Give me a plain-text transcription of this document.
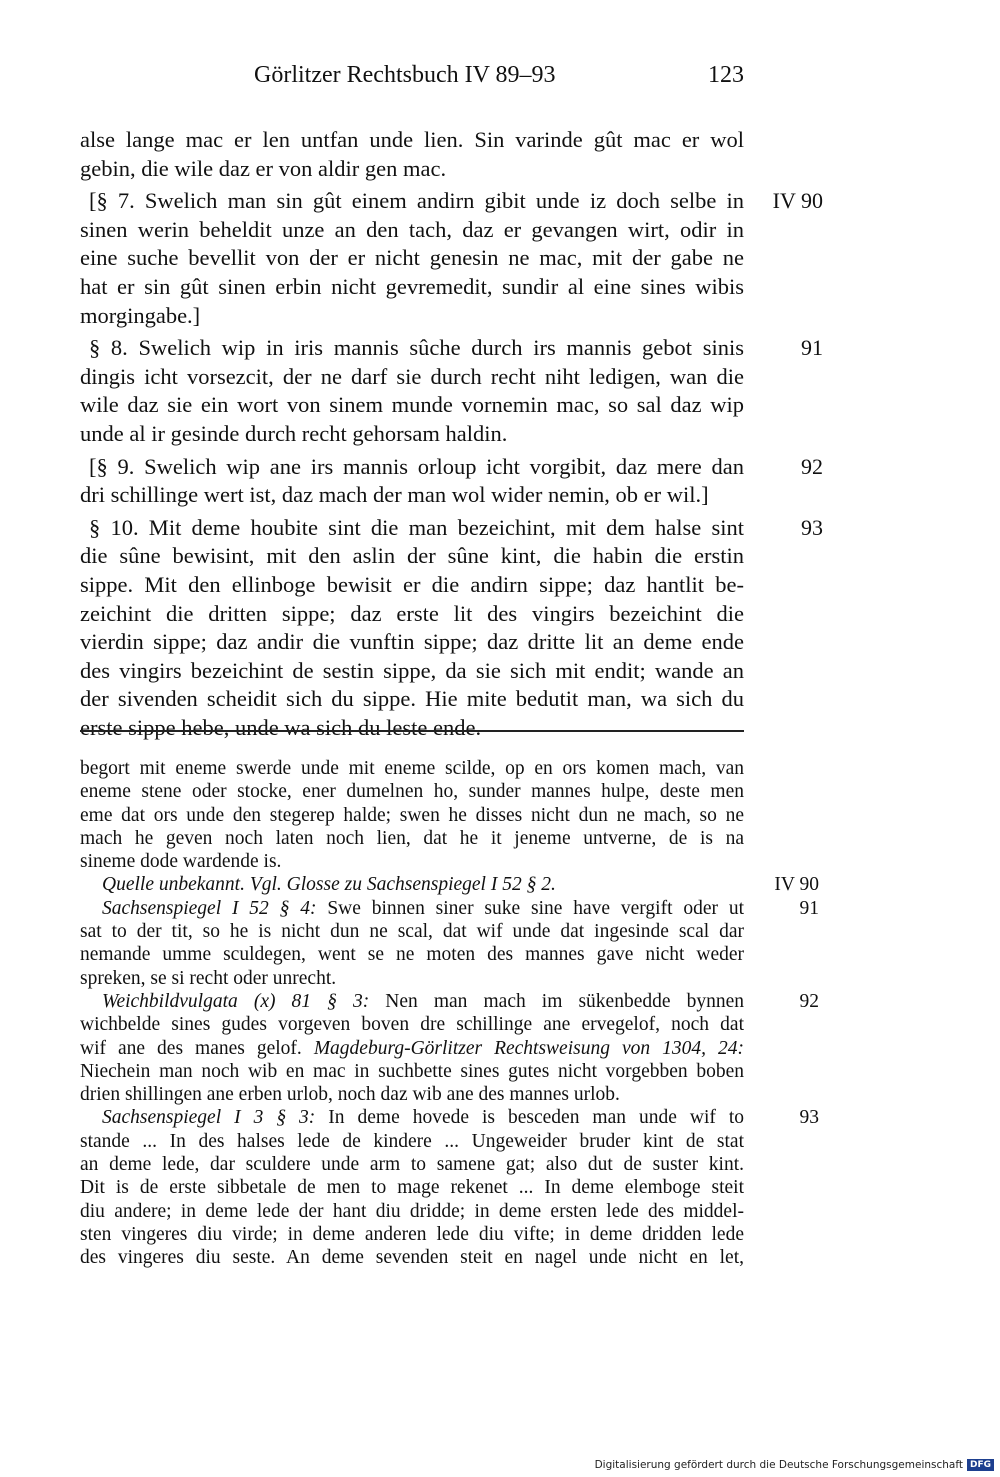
Görlitzer Rechtsbuch IV 89–93	123
alse lange mac er len untfan unde lien. Sin varinde gût mac er wol
gebin, die wile daz er von aldir gen mac.
IV 90
[§ 7. Swelich man sin gût einem andirn gibit unde iz doch selbe in
sinen werin beheldit unze an den tach, daz er gevangen wirt, odir in
eine suche bevellit von der er nicht genesin ne mac, mit der gabe ne
hat er sin gût sinen erbin nicht gevremedit, sundir al eine sines wibis
morgingabe.]
91
§ 8. Swelich wip in iris mannis sûche durch irs mannis gebot sinis
dingis icht vorsezcit, der ne darf sie durch recht niht ledigen, wan die
wile daz sie ein wort von sinem munde vornemin mac, so sal daz wip
unde al ir gesinde durch recht gehorsam haldin.
92
[§ 9. Swelich wip ane irs mannis orloup icht vorgibit, daz mere dan
dri schillinge wert ist, daz mach der man wol wider nemin, ob er wil.]
93
§ 10. Mit deme houbite sint die man bezeichint, mit dem halse sint
die sûne bewisint, mit den aslin der sûne kint, die habin die erstin
sippe. Mit den ellinboge bewisit er die andirn sippe; daz hantlit be-
zeichint die dritten sippe; daz erste lit des vingirs bezeichint die
vierdin sippe; daz andir die vunftin sippe; daz dritte lit an deme ende
des vingirs bezeichint de sestin sippe, da sie sich mit endit; wande an
der sivenden scheidit sich du sippe. Hie mite bedutit man, wa sich du
erste sippe hebe, unde wa sich du leste ende.
begort mit eneme swerde unde mit eneme scilde, op en ors komen mach, van
eneme stene oder stocke, ener dumelnen ho, sunder mannes hulpe, deste men
eme dat ors unde den stegerep halde; swen he disses nicht dun ne mach, so ne
mach he geven noch laten noch lien, dat he it jeneme untverne, de is na
sineme dode wardende is.
IV 90
Quelle unbekannt. Vgl. Glosse zu Sachsenspiegel I 52 § 2.
91
Sachsenspiegel I 52 § 4: Swe binnen siner suke sine have vergift oder ut
sat to der tit, so he is nicht dun ne scal, dat wif unde dat ingesinde scal dar
nemande umme sculdegen, went se ne moten des mannes gave nicht weder
spreken, se si recht oder unrecht.
92
Weichbildvulgata (x) 81 § 3: Nen man mach im sükenbedde bynnen
wichbelde sines gudes vorgeven boven dre schillinge ane ervegelof, noch dat
wif ane des manes gelof. Magdeburg-Görlitzer Rechtsweisung von 1304, 24:
Niechein man noch wib en mac in suchbette sines gutes nicht vorgebben boben
drien shillingen ane erben urlob, noch daz wib ane des mannes urlob.
93
Sachsenspiegel I 3 § 3: In deme hovede is besceden man unde wif to
stande ... In des halses lede de kindere ... Ungeweider bruder kint de stat
an deme lede, dar sculdere unde arm to samene gat; also dut de suster kint.
Dit is de erste sibbetale de men to mage rekenet ... In deme elemboge steit
diu andere; in deme lede der hant diu dridde; in deme ersten lede des middel-
sten vingeres diu virde; in deme anderen lede diu vifte; in deme dridden lede
des vingeres diu seste. An deme sevenden steit en nagel unde nicht en let,
Digitalisierung gefördert durch die Deutsche Forschungsgemeinschaft DFG
